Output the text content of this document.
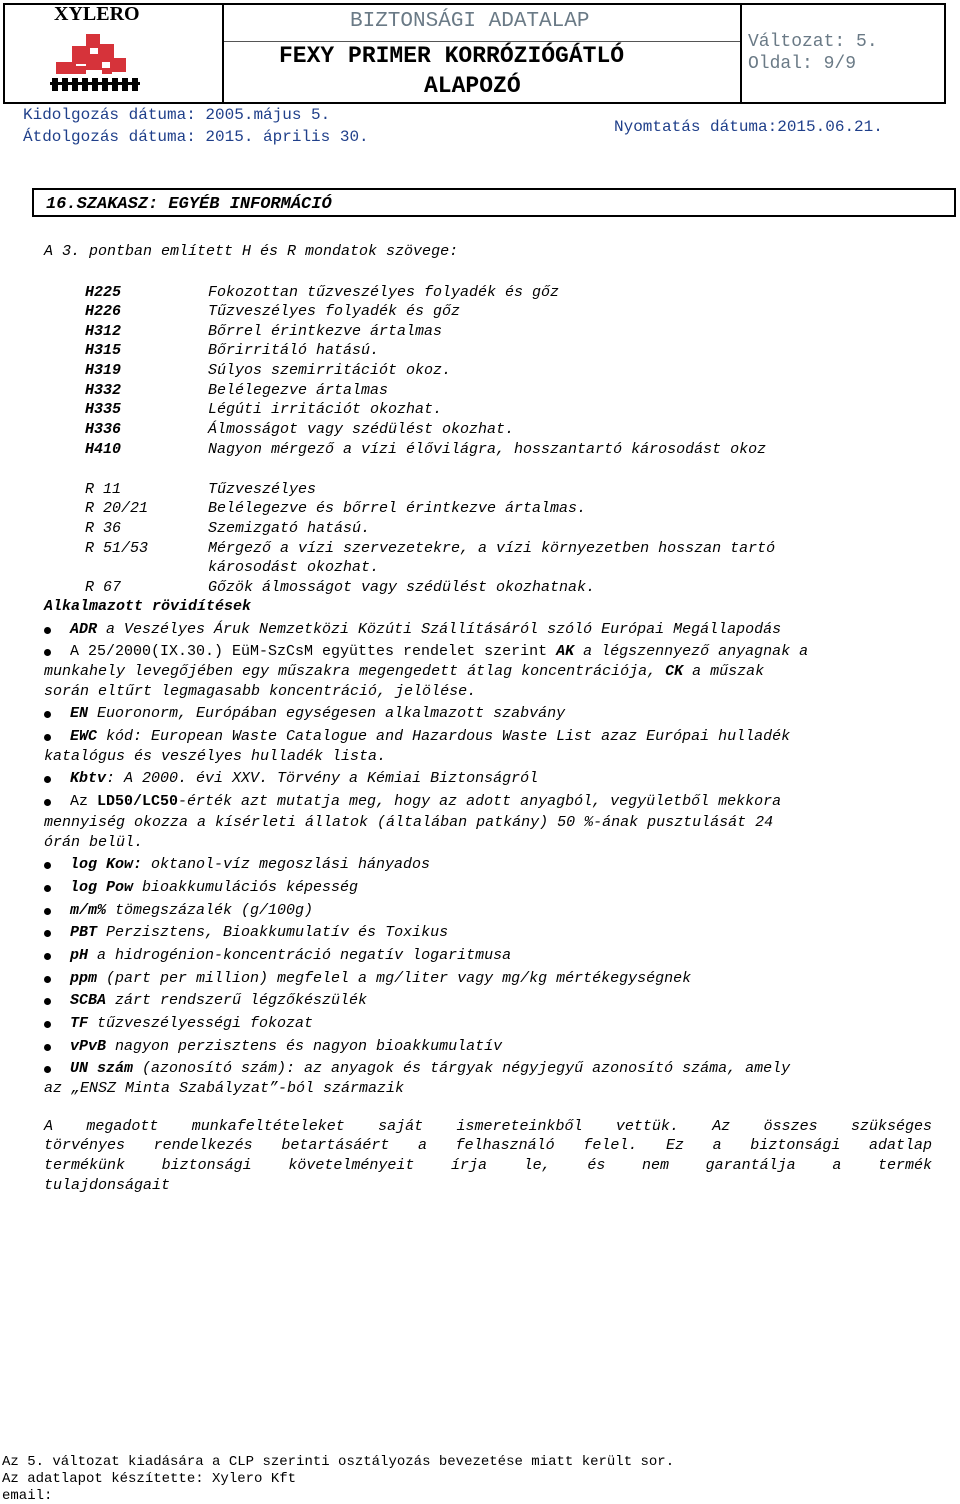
XYLERO	BIZTONSÁGI ADATALAP
FEXY PRIMER KORRÓZIÓGÁTLÓ
ALAPOZÓ
Változat: 5.
Oldal: 9/9
Kidolgozás dátuma: 2005.május 5.
Átdolgozás dátuma: 2015. április 30.
Nyomtatás dátuma:2015.06.21.
16.SZAKASZ: EGYÉB INFORMÁCIÓ
A 3. pontban említett H és R mondatok szövege:
H225	Fokozottan tűzveszélyes folyadék és gőz
H226	Tűzveszélyes folyadék és gőz
H312	Bőrrel érintkezve ártalmas
H315	Bőrirritáló hatású.
H319	Súlyos szemirritációt okoz.
H332	Belélegezve ártalmas
H335	Légúti irritációt okozhat.
H336	Álmosságot vagy szédülést okozhat.
H410	Nagyon mérgező a vízi élővilágra, hosszantartó károsodást okoz
R 11	Tűzveszélyes
R 20/21	Belélegezve és bőrrel érintkezve ártalmas.
R 36	Szemizgató hatású.
R 51/53	Mérgező a vízi szervezetekre, a vízi környezetben hosszan tartó
károsodást okozhat.
R 67	Gőzök álmosságot vagy szédülést okozhatnak.
Alkalmazott rövidítések
ADR a Veszélyes Áruk Nemzetközi Közúti Szállításáról szóló Európai Megállapodás
A 25/2000(IX.30.) EüM-SzCsM együttes rendelet szerint AK a légszennyező anyagnak a
munkahely levegőjében egy műszakra megengedett átlag koncentrációja, CK a műszak
során eltűrt legmagasabb koncentráció, jelölése.
EN Euoronorm, Európában egységesen alkalmazott szabvány
EWC kód: European Waste Catalogue and Hazardous Waste List azaz Európai hulladék
katalógus és veszélyes hulladék lista.
Kbtv: A 2000. évi XXV. Törvény a Kémiai Biztonságról
Az LD50/LC50-érték azt mutatja meg, hogy az adott anyagból, vegyületből mekkora
mennyiség okozza a kísérleti állatok (általában patkány) 50 %-ának pusztulását 24
órán belül.
log Kow: oktanol-víz megoszlási hányados
log Pow bioakkumulációs képesség
m/m% tömegszázalék (g/100g)
PBT Perzisztens, Bioakkumulatív és Toxikus
pH a hidrogénion-koncentráció negatív logaritmusa
ppm (part per million) megfelel a mg/liter vagy mg/kg mértékegységnek
SCBA zárt rendszerű légzőkészülék
TF tűzveszélyességi fokozat
vPvB nagyon perzisztens és nagyon bioakkumulatív
UN szám (azonosító szám): az anyagok és tárgyak négyjegyű azonosító száma, amely
az „ENSZ Minta Szabályzat”-ból származik
A megadott munkafeltételeket saját ismereteinkből vettük. Az összes szükséges
törvényes rendelkezés betartásáért a felhasználó felel. Ez a biztonsági adatlap
termékünk biztonsági követelményeit írja le, és nem garantálja a termék
tulajdonságait
Az 5. változat kiadására a CLP szerinti osztályozás bevezetése miatt került sor.
Az adatlapot készítette: Xylero Kft
email:
